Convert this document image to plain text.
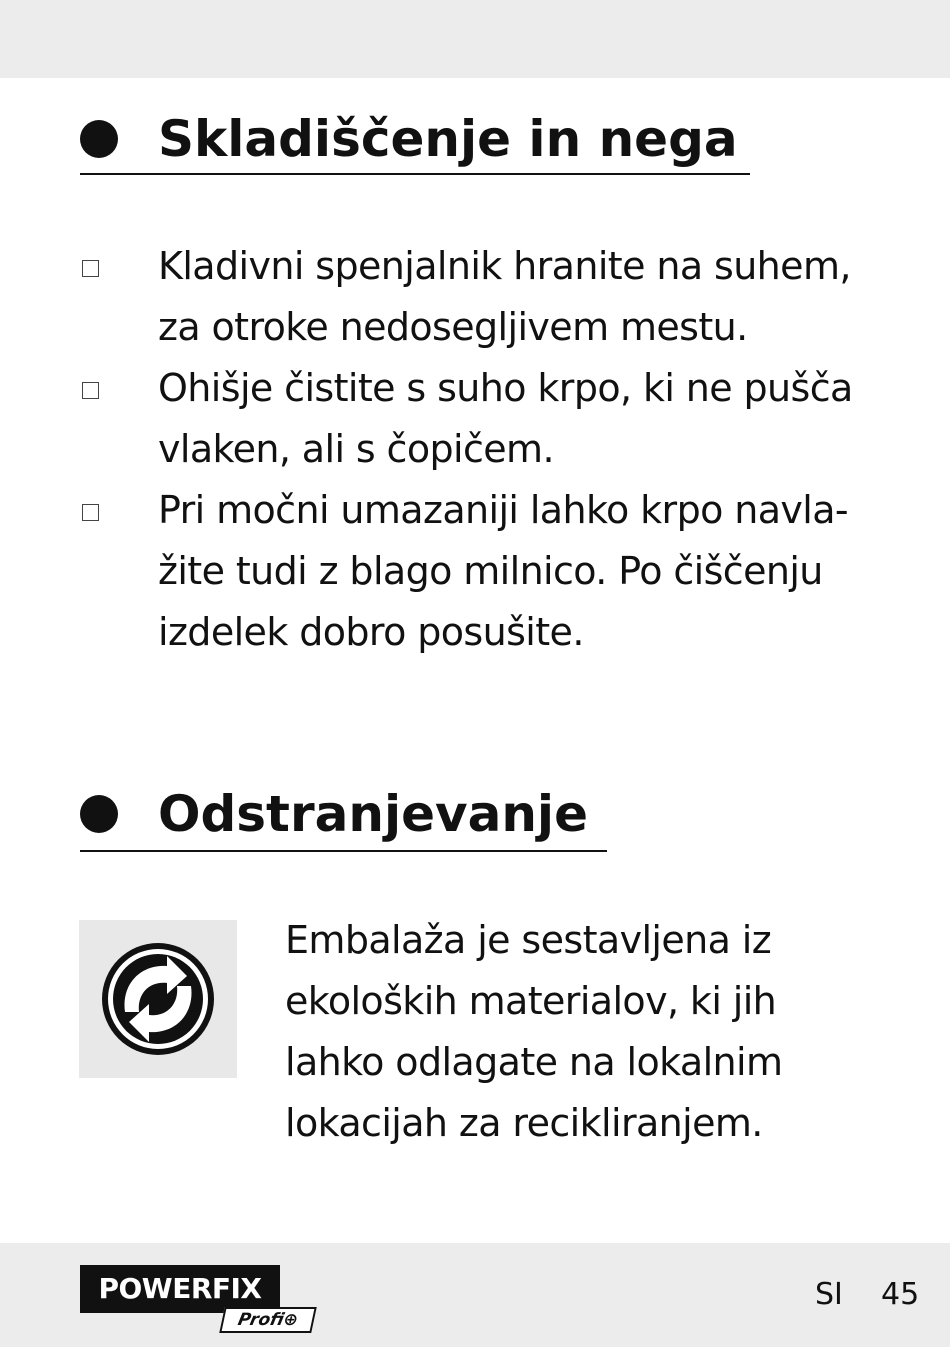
Skladiščenje in nega
Kladivni spenjalnik hranite na suhem,
za otroke nedosegljivem mestu.
Ohišje čistite s suho krpo, ki ne pušča
vlaken, ali s čopičem.
Pri močni umazaniji lahko krpo navla-
žite tudi z blago milnico. Po čiščenju
izdelek dobro posušite.
Odstranjevanje
Embalaža je sestavljena iz
ekoloških materialov, ki jih
lahko odlagate na lokalnim
lokacijah za recikliranjem.
POWERFIX
Profi⊕
SI 45
